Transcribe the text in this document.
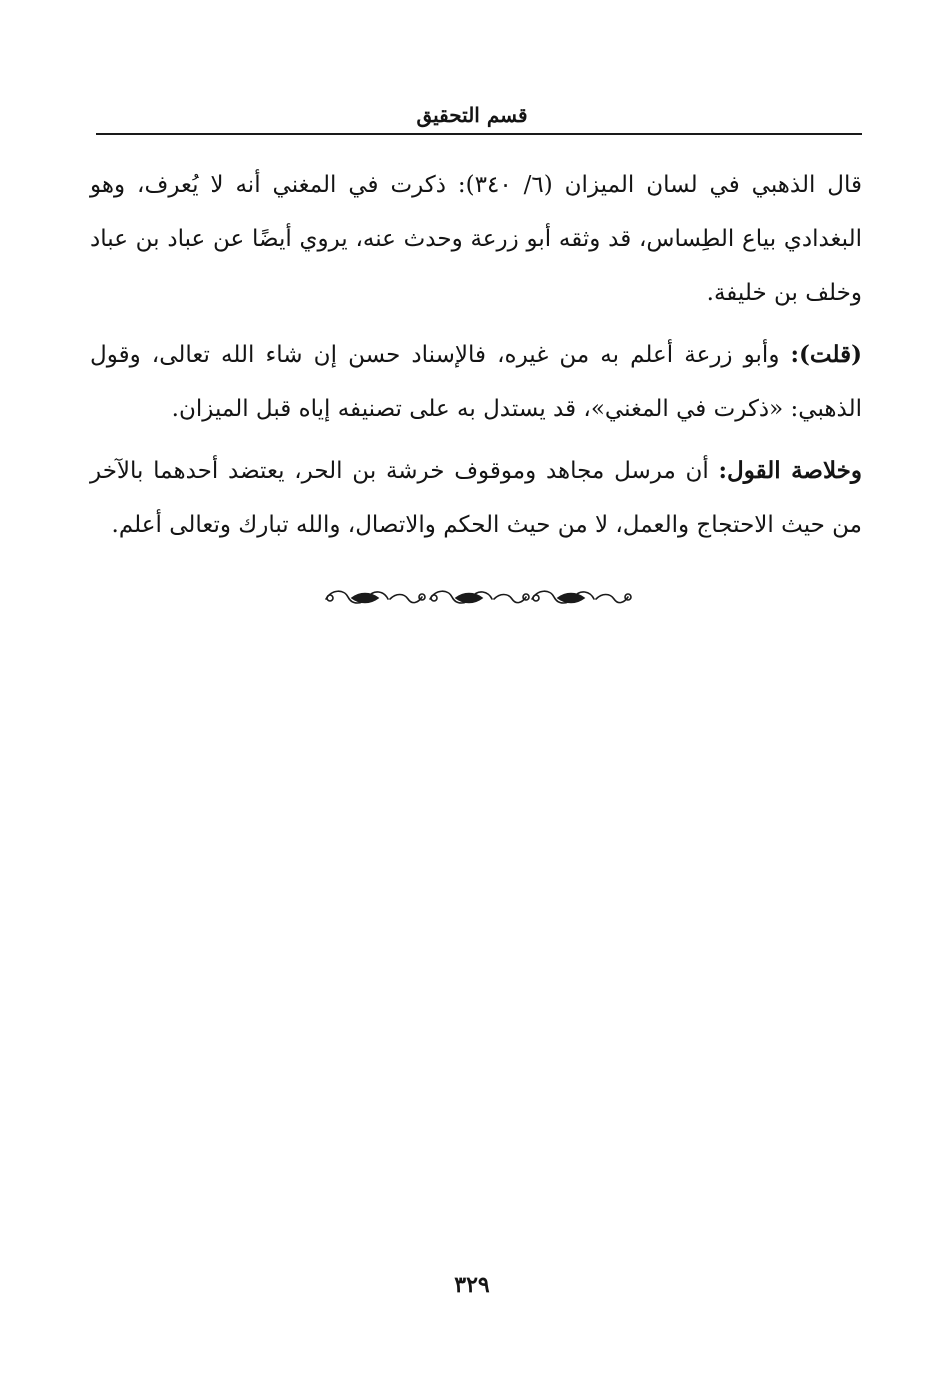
قسم التحقيق

قال الذهبي في لسان الميزان (٦/ ٣٤٠): ذكرت في المغني أنه لا يُعرف، وهو البغدادي بياع الطِساس، قد وثقه أبو زرعة وحدث عنه، يروي أيضًا عن عباد بن عباد وخلف بن خليفة.

(قلت): وأبو زرعة أعلم به من غيره، فالإسناد حسن إن شاء الله تعالى، وقول الذهبي: «ذكرت في المغني»، قد يستدل به على تصنيفه إياه قبل الميزان.

وخلاصة القول: أن مرسل مجاهد وموقوف خرشة بن الحر، يعتضد أحدهما بالآخر من حيث الاحتجاج والعمل، لا من حيث الحكم والاتصال، والله تبارك وتعالى أعلم.

٣٢٩
